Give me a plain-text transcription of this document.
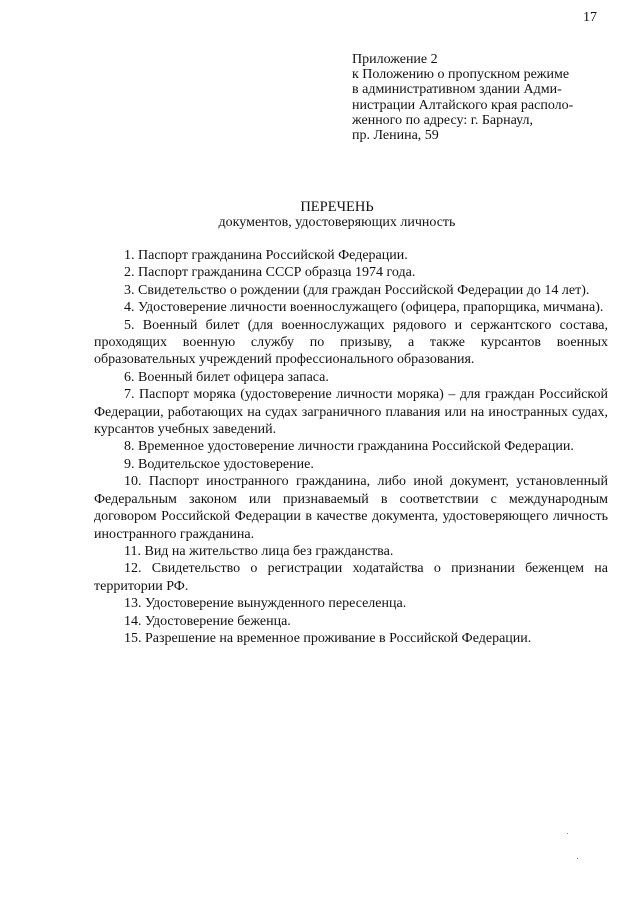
17
Приложение 2
к Положению о пропускном режиме
в административном здании Адми-
нистрации Алтайского края располо-
женного по адресу: г. Барнаул,
пр. Ленина, 59
ПЕРЕЧЕНЬ
документов, удостоверяющих личность

1. Паспорт гражданина Российской Федерации.

2. Паспорт гражданина СССР образца 1974 года.

3. Свидетельство о рождении (для граждан Российской Федерации до 14 лет).

4. Удостоверение личности военнослужащего (офицера, прапорщика, мичмана).

5. Военный билет (для военнослужащих рядового и сержантского состава, проходящих военную службу по призыву, а также курсантов военных образовательных учреждений профессионального образования.

6. Военный билет офицера запаса.

7. Паспорт моряка (удостоверение личности моряка) – для граждан Российской Федерации, работающих на судах заграничного плавания или на иностранных судах, курсантов учебных заведений.

8. Временное удостоверение личности гражданина Российской Федерации.

9. Водительское удостоверение.

10. Паспорт иностранного гражданина, либо иной документ, установленный Федеральным законом или признаваемый в соответствии с международным договором Российской Федерации в качестве документа, удостоверяющего личность иностранного гражданина.

11. Вид на жительство лица без гражданства.

12. Свидетельство о регистрации ходатайства о признании беженцем на территории РФ.

13. Удостоверение вынужденного переселенца.

14. Удостоверение беженца.

15. Разрешение на временное проживание в Российской Федерации.
